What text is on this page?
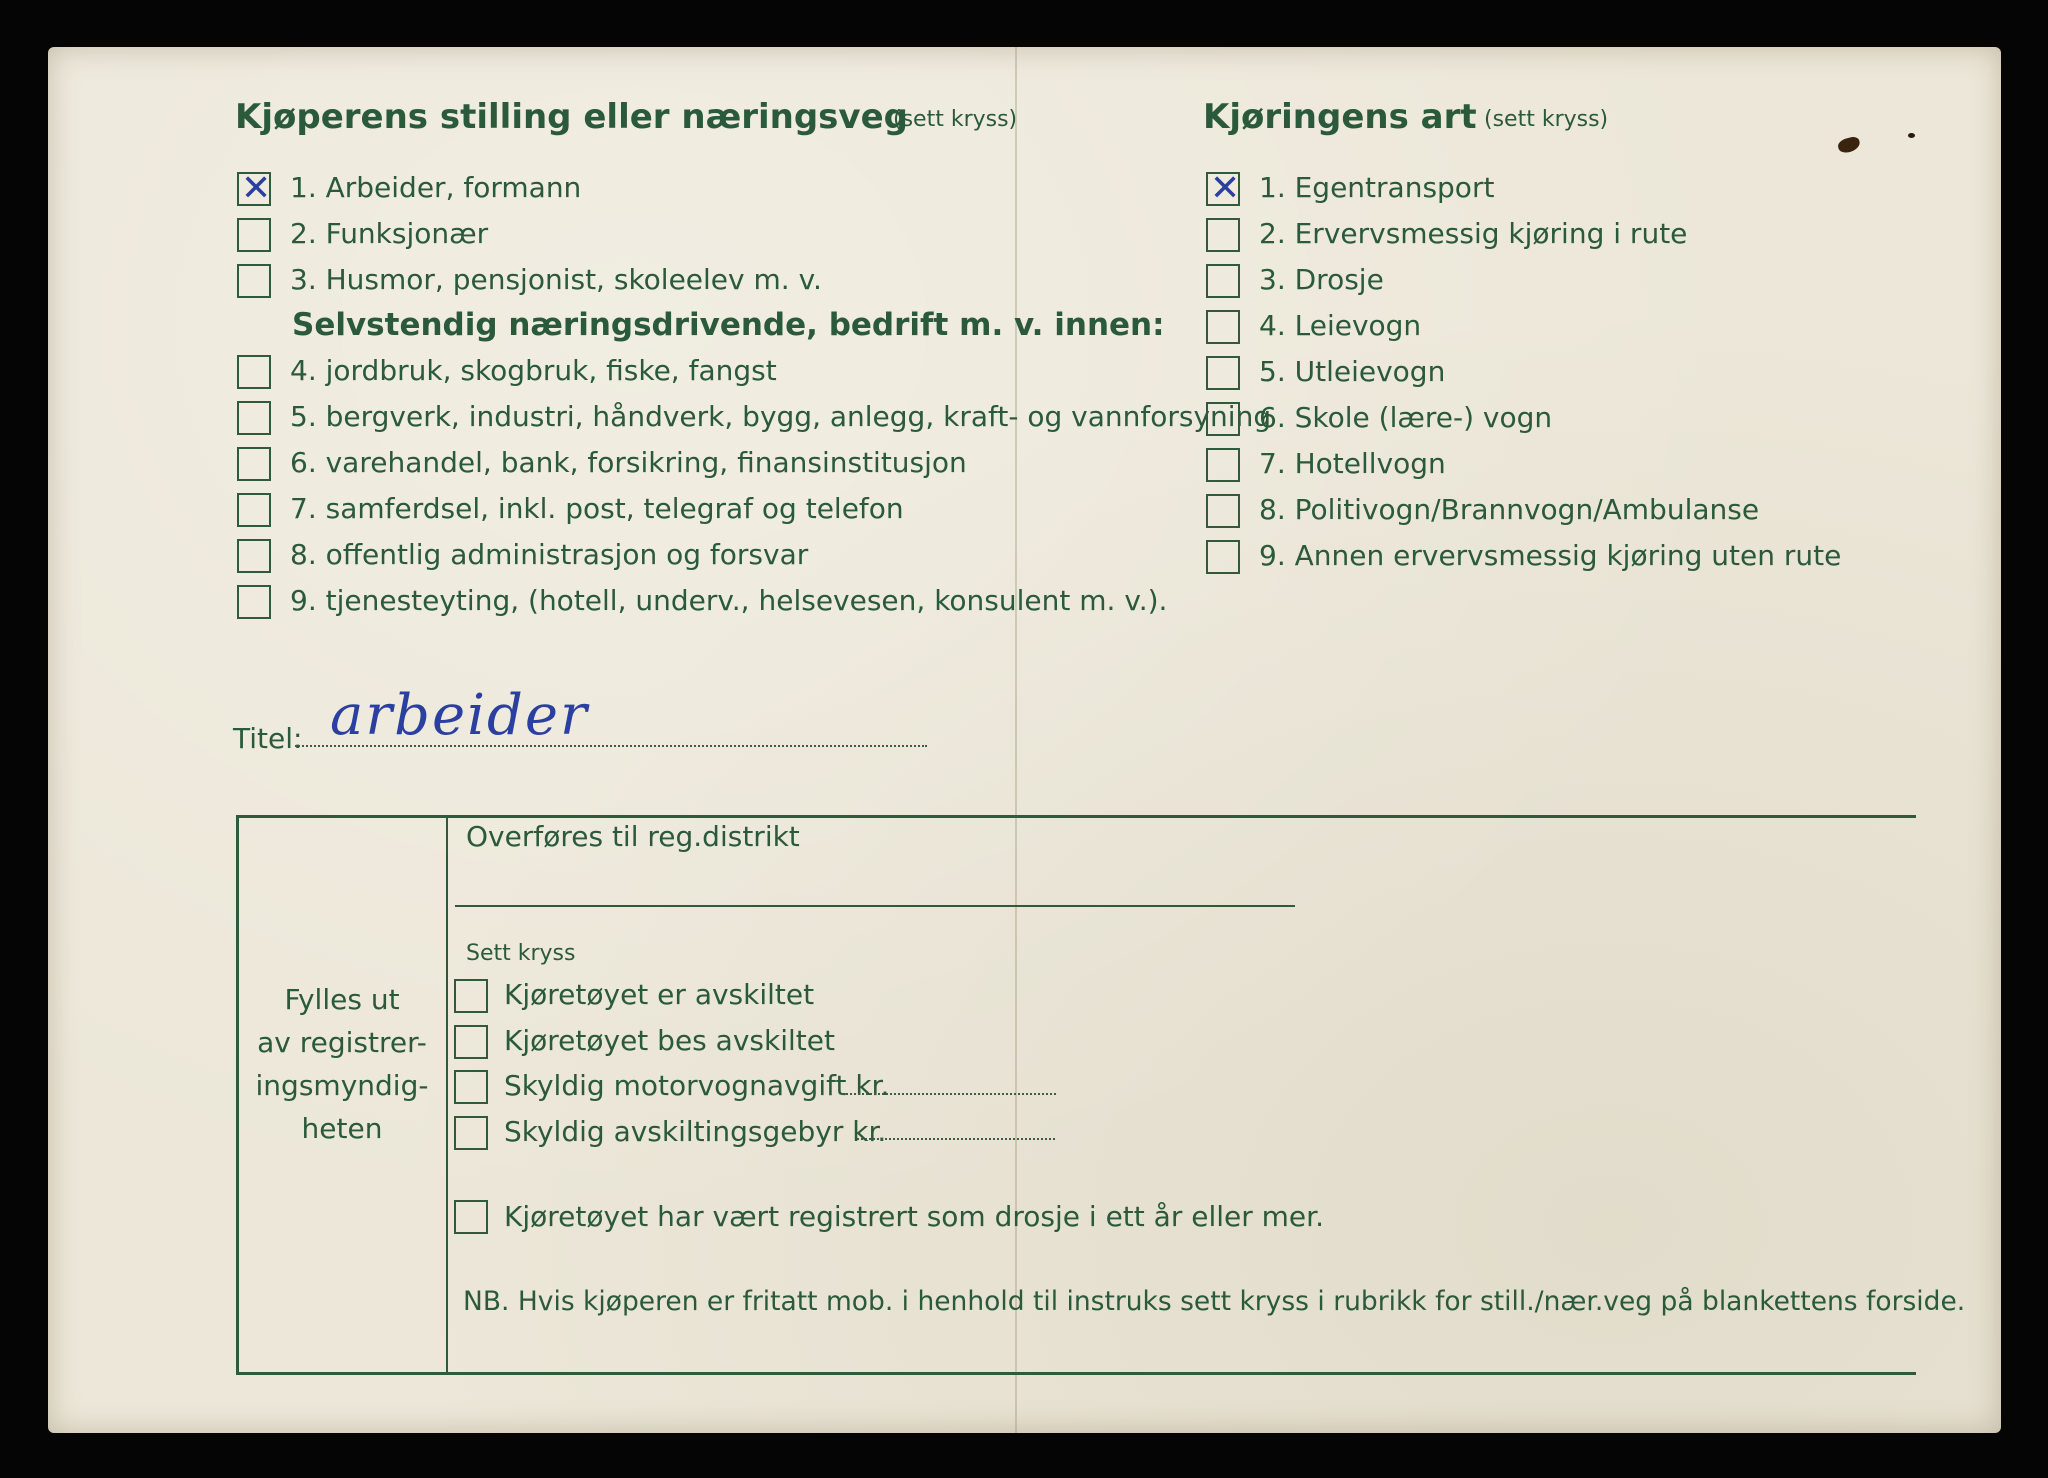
Kjøperens stilling eller næringsveg
(sett kryss)
✕ 1. Arbeider, formann
2. Funksjonær
3. Husmor, pensjonist, skoleelev m. v.
Selvstendig næringsdrivende, bedrift m. v. innen:
4. jordbruk, skogbruk, fiske, fangst
5. bergverk, industri, håndverk, bygg, anlegg, kraft- og vannforsyning
6. varehandel, bank, forsikring, finansinstitusjon
7. samferdsel, inkl. post, telegraf og telefon
8. offentlig administrasjon og forsvar
9. tjenesteyting, (hotell, underv., helsevesen, konsulent m. v.).
Titel: arbeider
Kjøringens art (sett kryss)
✕ 1. Egentransport
2. Ervervsmessig kjøring i rute
3. Drosje
4. Leievogn
5. Utleievogn
6. Skole (lære-) vogn
7. Hotellvogn
8. Politivogn/Brannvogn/Ambulanse
9. Annen ervervsmessig kjøring uten rute
Fylles ut
av registrer-
ingsmyndig-
heten
Overføres til reg.distrikt
Sett kryss
Kjøretøyet er avskiltet
Kjøretøyet bes avskiltet
Skyldig motorvognavgift kr.
Skyldig avskiltingsgebyr kr.
Kjøretøyet har vært registrert som drosje i ett år eller mer.
NB. Hvis kjøperen er fritatt mob. i henhold til instruks sett kryss i rubrikk for still./nær.veg på blankettens forside.
